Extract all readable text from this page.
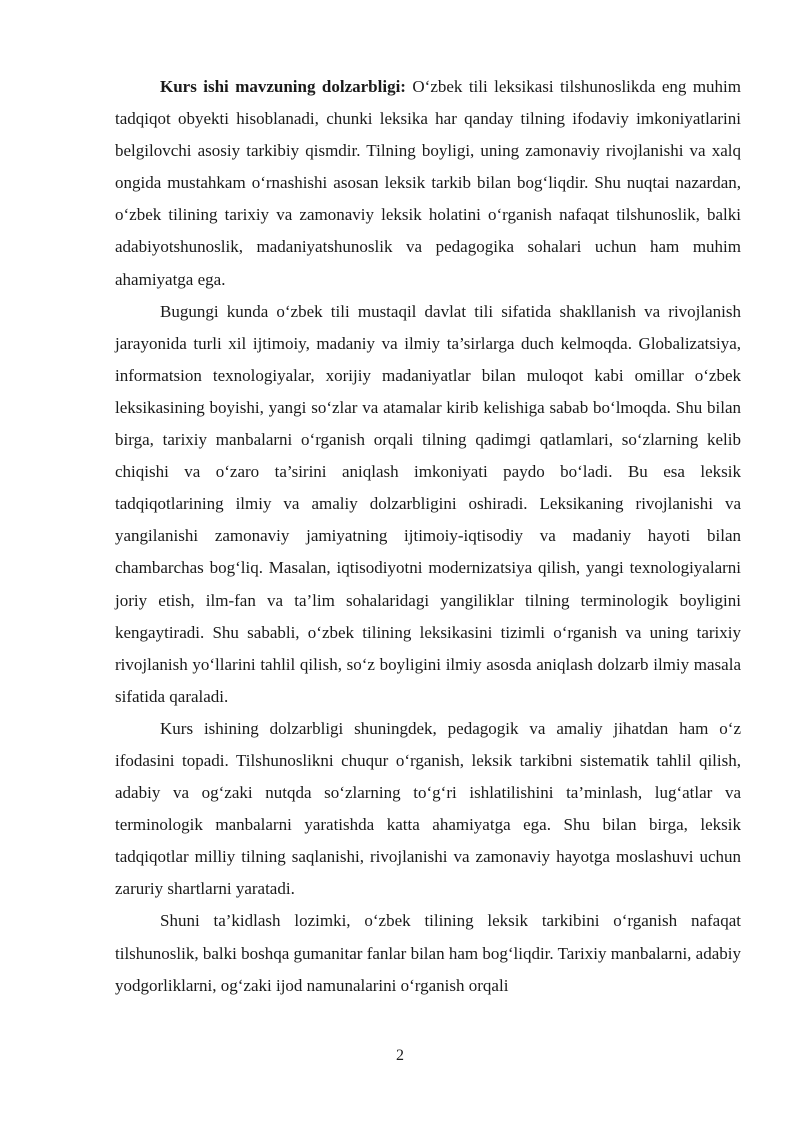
Kurs ishi mavzuning dolzarbligi: O‘zbek tili leksikasi tilshunoslikda eng muhim tadqiqot obyekti hisoblanadi, chunki leksika har qanday tilning ifodaviy imkoniyatlarini belgilovchi asosiy tarkibiy qismdir. Tilning boyligi, uning zamonaviy rivojlanishi va xalq ongida mustahkam o‘rnashishi asosan leksik tarkib bilan bog‘liqdir. Shu nuqtai nazardan, o‘zbek tilining tarixiy va zamonaviy leksik holatini o‘rganish nafaqat tilshunoslik, balki adabiyotshunoslik, madaniyatshunoslik va pedagogika sohalari uchun ham muhim ahamiyatga ega.

Bugungi kunda o‘zbek tili mustaqil davlat tili sifatida shakllanish va rivojlanish jarayonida turli xil ijtimoiy, madaniy va ilmiy ta’sirlarga duch kelmoqda. Globalizatsiya, informatsion texnologiyalar, xorijiy madaniyatlar bilan muloqot kabi omillar o‘zbek leksikasining boyishi, yangi so‘zlar va atamalar kirib kelishiga sabab bo‘lmoqda. Shu bilan birga, tarixiy manbalarni o‘rganish orqali tilning qadimgi qatlamlari, so‘zlarning kelib chiqishi va o‘zaro ta’sirini aniqlash imkoniyati paydo bo‘ladi. Bu esa leksik tadqiqotlarining ilmiy va amaliy dolzarbligini oshiradi. Leksikaning rivojlanishi va yangilanishi zamonaviy jamiyatning ijtimoiy-iqtisodiy va madaniy hayoti bilan chambarchas bog‘liq. Masalan, iqtisodiyotni modernizatsiya qilish, yangi texnologiyalarni joriy etish, ilm-fan va ta’lim sohalaridagi yangiliklar tilning terminologik boyligini kengaytiradi. Shu sababli, o‘zbek tilining leksikasini tizimli o‘rganish va uning tarixiy rivojlanish yo‘llarini tahlil qilish, so‘z boyligini ilmiy asosda aniqlash dolzarb ilmiy masala sifatida qaraladi.

Kurs ishining dolzarbligi shuningdek, pedagogik va amaliy jihatdan ham o‘z ifodasini topadi. Tilshunoslikni chuqur o‘rganish, leksik tarkibni sistematik tahlil qilish, adabiy va og‘zaki nutqda so‘zlarning to‘g‘ri ishlatilishini ta’minlash, lug‘atlar va terminologik manbalarni yaratishda katta ahamiyatga ega. Shu bilan birga, leksik tadqiqotlar milliy tilning saqlanishi, rivojlanishi va zamonaviy hayotga moslashuvi uchun zaruriy shartlarni yaratadi.

Shuni ta’kidlash lozimki, o‘zbek tilining leksik tarkibini o‘rganish nafaqat tilshunoslik, balki boshqa gumanitar fanlar bilan ham bog‘liqdir. Tarixiy manbalarni, adabiy yodgorliklarni, og‘zaki ijod namunalarini o‘rganish orqali

2
